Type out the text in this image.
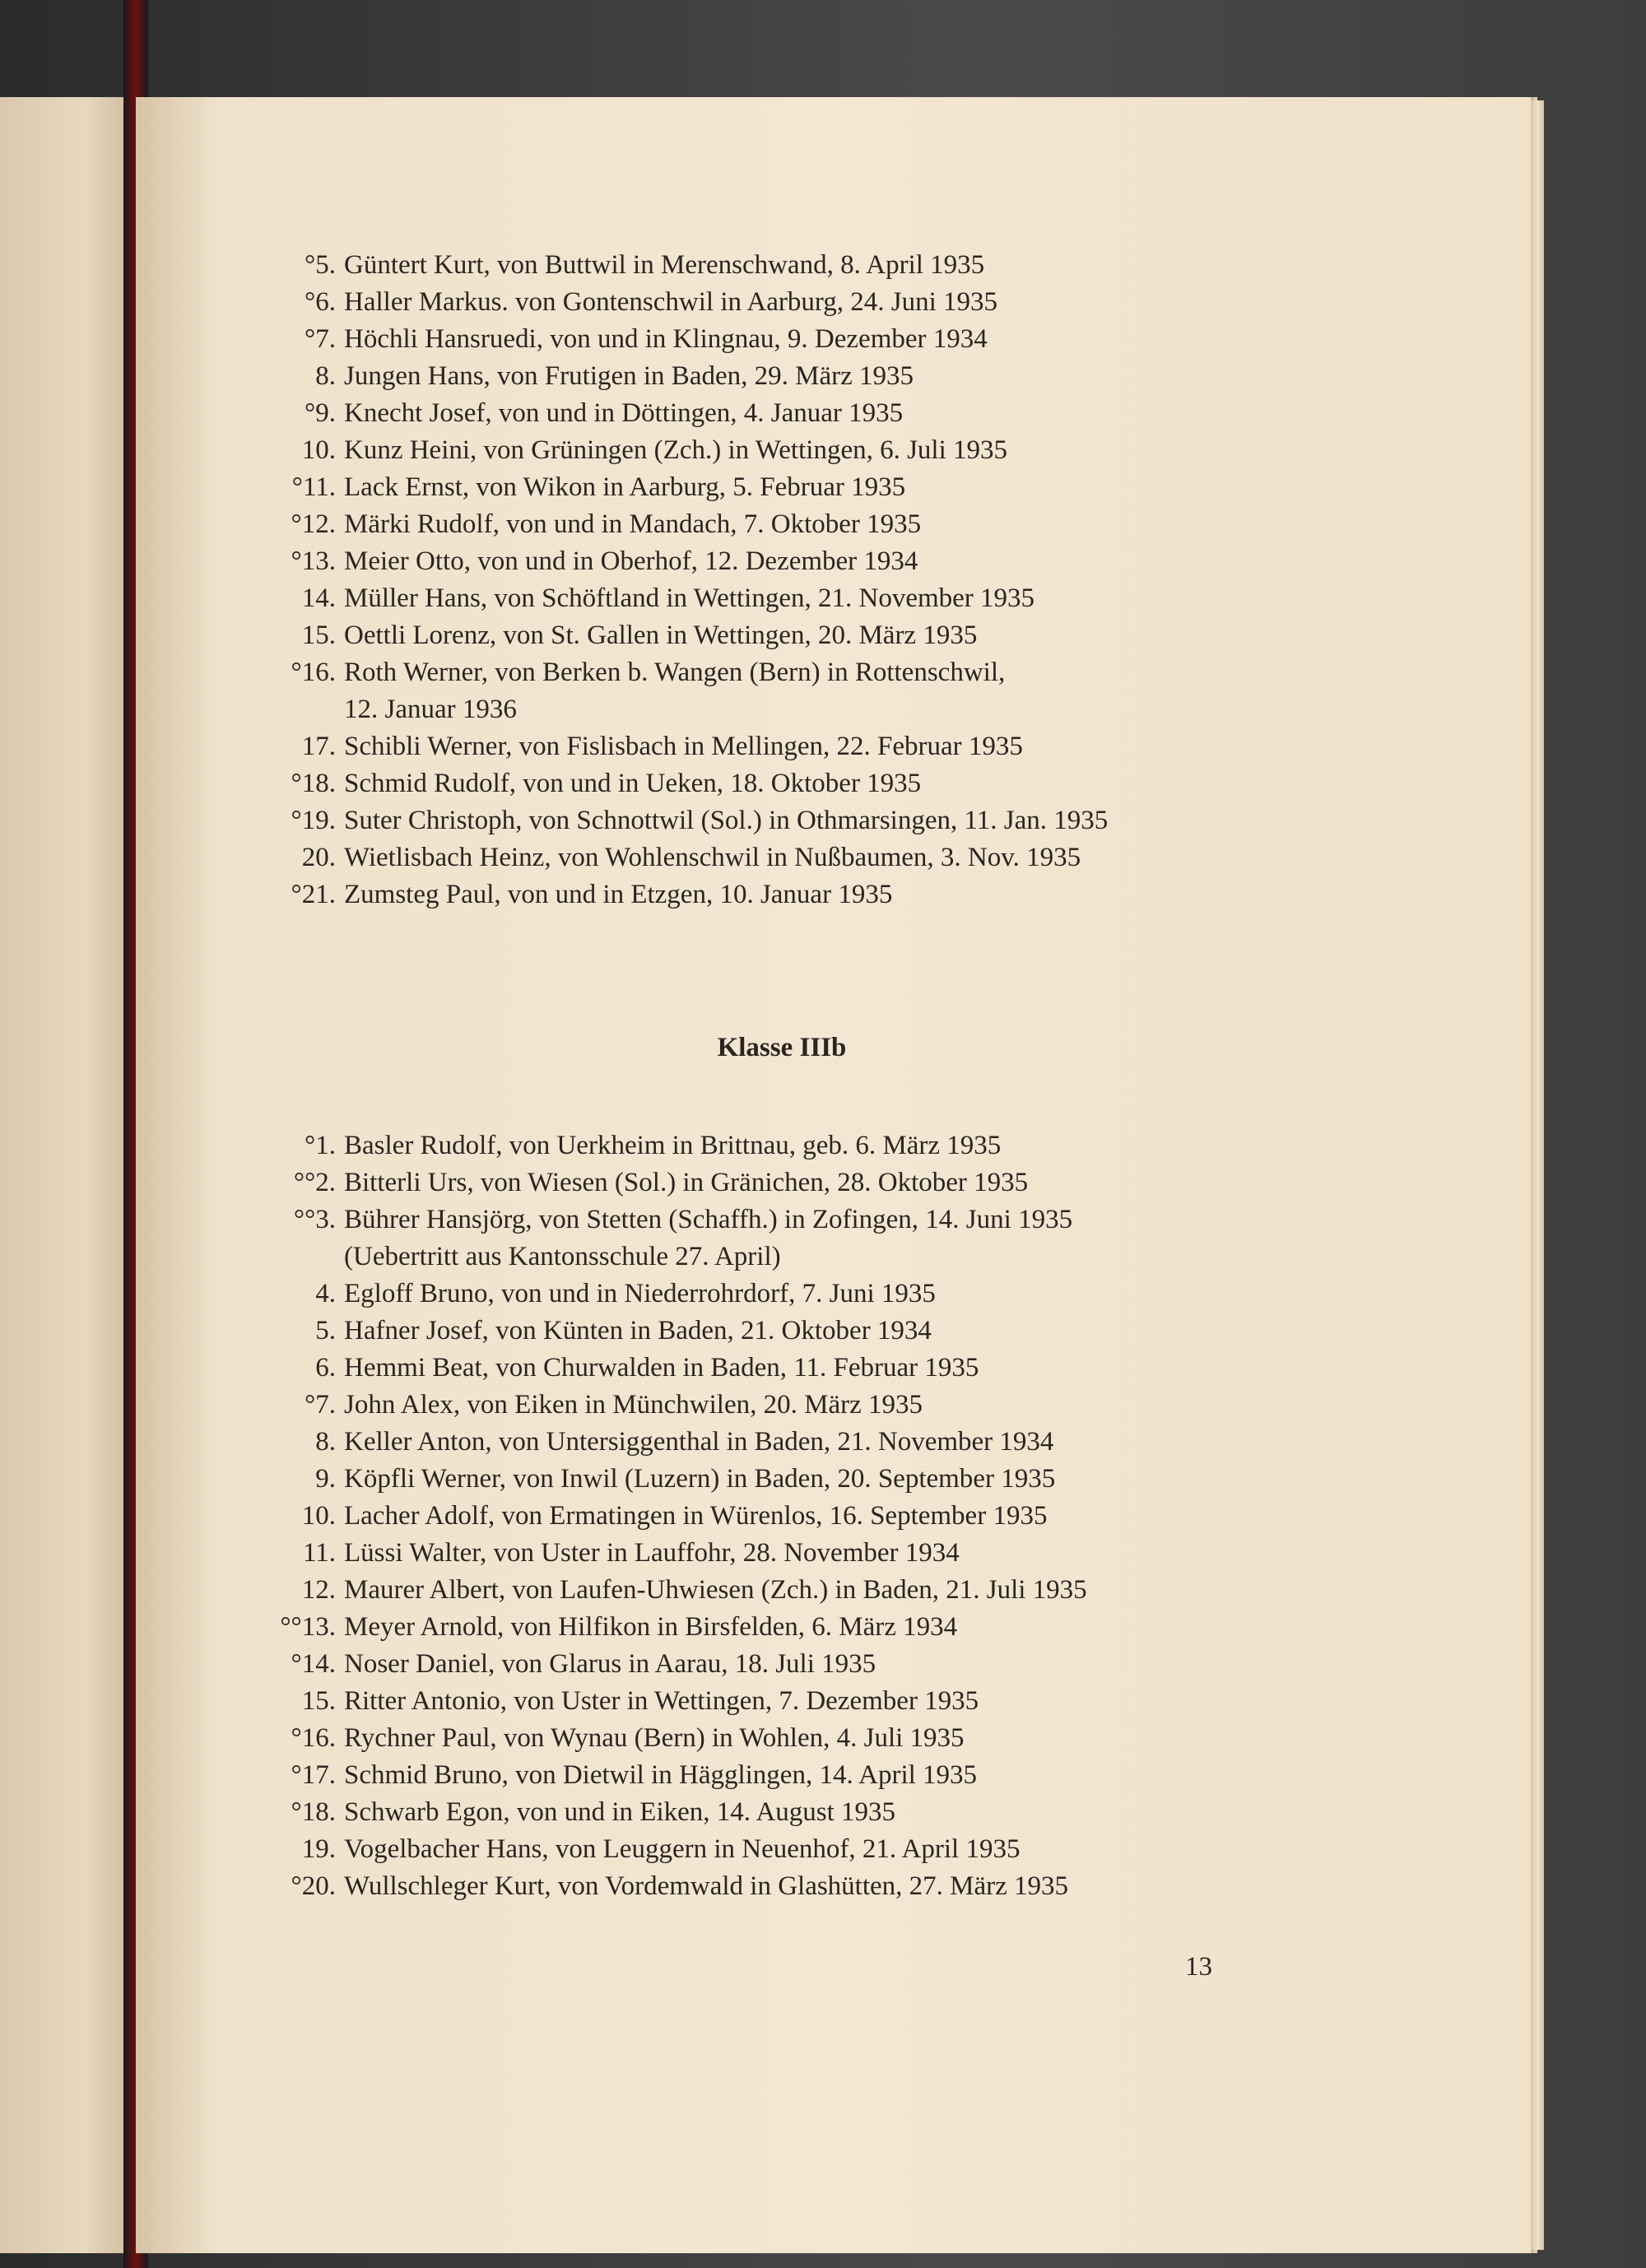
°5. Güntert Kurt, von Buttwil in Merenschwand, 8. April 1935
°6. Haller Markus. von Gontenschwil in Aarburg, 24. Juni 1935
°7. Höchli Hansruedi, von und in Klingnau, 9. Dezember 1934
8. Jungen Hans, von Frutigen in Baden, 29. März 1935
°9. Knecht Josef, von und in Döttingen, 4. Januar 1935
10. Kunz Heini, von Grüningen (Zch.) in Wettingen, 6. Juli 1935
°11. Lack Ernst, von Wikon in Aarburg, 5. Februar 1935
°12. Märki Rudolf, von und in Mandach, 7. Oktober 1935
°13. Meier Otto, von und in Oberhof, 12. Dezember 1934
14. Müller Hans, von Schöftland in Wettingen, 21. November 1935
15. Oettli Lorenz, von St. Gallen in Wettingen, 20. März 1935
°16. Roth Werner, von Berken b. Wangen (Bern) in Rottenschwil,
12. Januar 1936
17. Schibli Werner, von Fislisbach in Mellingen, 22. Februar 1935
°18. Schmid Rudolf, von und in Ueken, 18. Oktober 1935
°19. Suter Christoph, von Schnottwil (Sol.) in Othmarsingen, 11. Jan. 1935
20. Wietlisbach Heinz, von Wohlenschwil in Nußbaumen, 3. Nov. 1935
°21. Zumsteg Paul, von und in Etzgen, 10. Januar 1935
Klasse IIIb
°1. Basler Rudolf, von Uerkheim in Brittnau, geb. 6. März 1935
°°2. Bitterli Urs, von Wiesen (Sol.) in Gränichen, 28. Oktober 1935
°°3. Bührer Hansjörg, von Stetten (Schaffh.) in Zofingen, 14. Juni 1935
(Uebertritt aus Kantonsschule 27. April)
4. Egloff Bruno, von und in Niederrohrdorf, 7. Juni 1935
5. Hafner Josef, von Künten in Baden, 21. Oktober 1934
6. Hemmi Beat, von Churwalden in Baden, 11. Februar 1935
°7. John Alex, von Eiken in Münchwilen, 20. März 1935
8. Keller Anton, von Untersiggenthal in Baden, 21. November 1934
9. Köpfli Werner, von Inwil (Luzern) in Baden, 20. September 1935
10. Lacher Adolf, von Ermatingen in Würenlos, 16. September 1935
11. Lüssi Walter, von Uster in Lauffohr, 28. November 1934
12. Maurer Albert, von Laufen-Uhwiesen (Zch.) in Baden, 21. Juli 1935
°°13. Meyer Arnold, von Hilfikon in Birsfelden, 6. März 1934
°14. Noser Daniel, von Glarus in Aarau, 18. Juli 1935
15. Ritter Antonio, von Uster in Wettingen, 7. Dezember 1935
°16. Rychner Paul, von Wynau (Bern) in Wohlen, 4. Juli 1935
°17. Schmid Bruno, von Dietwil in Hägglingen, 14. April 1935
°18. Schwarb Egon, von und in Eiken, 14. August 1935
19. Vogelbacher Hans, von Leuggern in Neuenhof, 21. April 1935
°20. Wullschleger Kurt, von Vordemwald in Glashütten, 27. März 1935
13
